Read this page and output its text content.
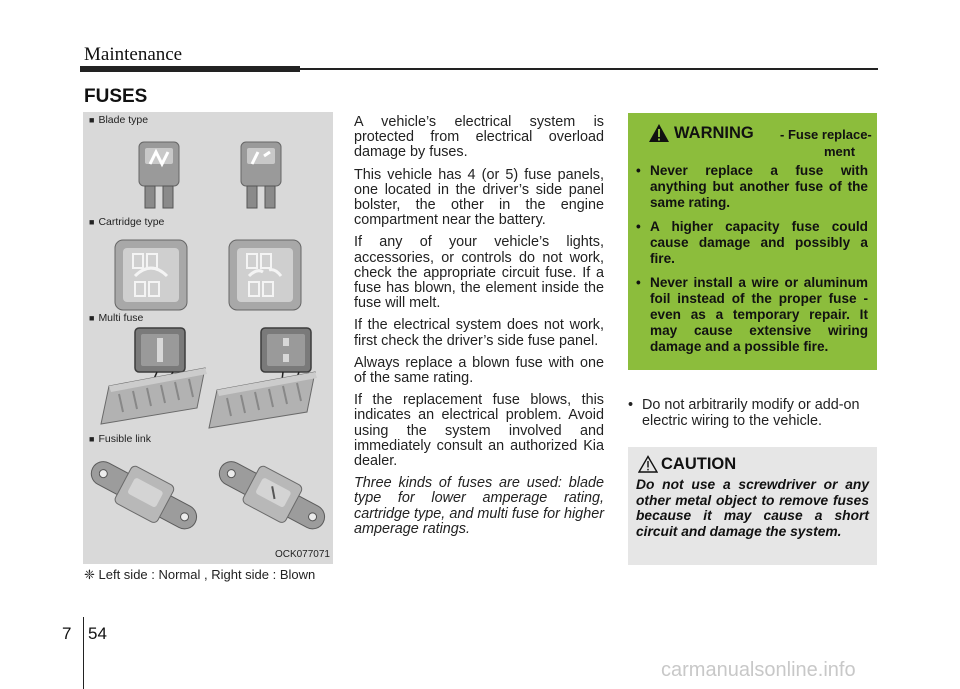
Maintenance
FUSES
■ Blade type
■ Cartridge type
■ Multi fuse
■ Fusible link
OCK077071
❈ Left side : Normal , Right side : Blown

A vehicle’s electrical system is protected from electrical overload damage by fuses.

This vehicle has 4 (or 5) fuse panels, one located in the driver’s side panel bolster, the other in the engine compartment near the battery.

If any of your vehicle’s lights, accessories, or controls do not work, check the appropriate circuit fuse. If a fuse has blown, the element inside the fuse will melt.

If the electrical system does not work, first check the driver’s side fuse panel.

Always replace a blown fuse with one of the same rating.

If the replacement fuse blows, this indicates an electrical problem. Avoid using the system involved and immediately consult an authorized Kia dealer.

Three kinds of fuses are used: blade type for lower amperage rating, cartridge type, and multi fuse for higher amperage ratings.

WARNING - Fuse replace-
ment
• Never replace a fuse with anything but another fuse of the same rating.
• A higher capacity fuse could cause damage and possibly a fire.
• Never install a wire or aluminum foil instead of the proper fuse - even as a temporary repair. It may cause extensive wiring damage and a possible fire.
• Do not arbitrarily modify or add-on electric wiring to the vehicle.
CAUTION
Do not use a screwdriver or any other metal object to remove fuses because it may cause a short circuit and damage the system.
7 54
carmanualsonline.info
